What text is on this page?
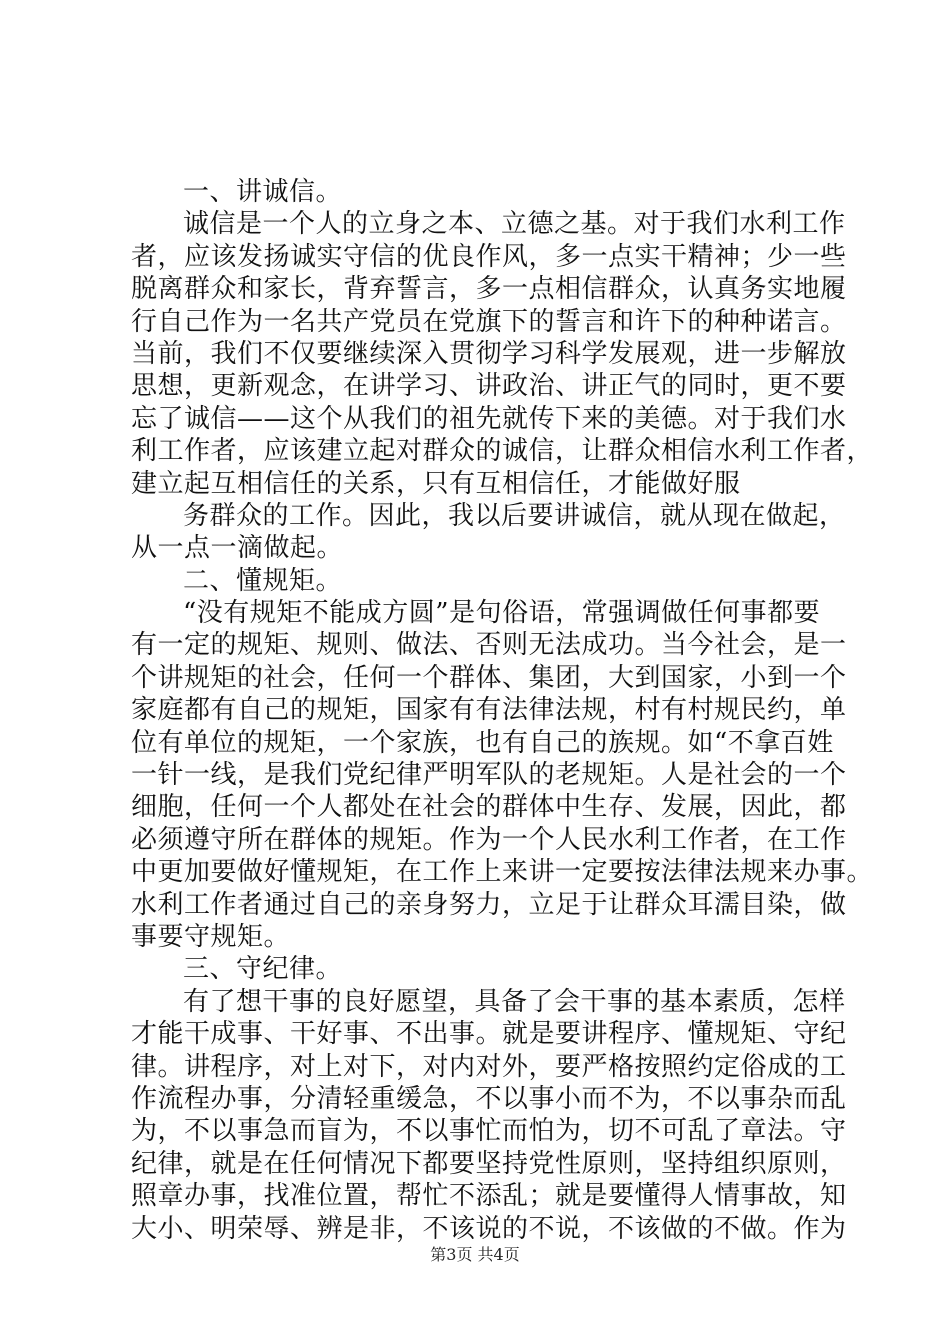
一、讲诚信。
诚信是一个人的立身之本、立德之基。对于我们水利工作
者，应该发扬诚实守信的优良作风，多一点实干精神；少一些
脱离群众和家长，背弃誓言，多一点相信群众，认真务实地履
行自己作为一名共产党员在党旗下的誓言和许下的种种诺言。
当前，我们不仅要继续深入贯彻学习科学发展观，进一步解放
思想，更新观念，在讲学习、讲政治、讲正气的同时，更不要
忘了诚信——这个从我们的祖先就传下来的美德。对于我们水
利工作者，应该建立起对群众的诚信，让群众相信水利工作者，
建立起互相信任的关系，只有互相信任，才能做好服
务群众的工作。因此，我以后要讲诚信，就从现在做起，
从一点一滴做起。
二、懂规矩。
“没有规矩不能成方圆”是句俗语，常强调做任何事都要
有一定的规矩、规则、做法、否则无法成功。当今社会，是一
个讲规矩的社会，任何一个群体、集团，大到国家，小到一个
家庭都有自己的规矩，国家有有法律法规，村有村规民约，单
位有单位的规矩，一个家族，也有自己的族规。如“不拿百姓
一针一线，是我们党纪律严明军队的老规矩。人是社会的一个
细胞，任何一个人都处在社会的群体中生存、发展，因此，都
必须遵守所在群体的规矩。作为一个人民水利工作者，在工作
中更加要做好懂规矩，在工作上来讲一定要按法律法规来办事。
水利工作者通过自己的亲身努力，立足于让群众耳濡目染，做
事要守规矩。
三、守纪律。
有了想干事的良好愿望，具备了会干事的基本素质，怎样
才能干成事、干好事、不出事。就是要讲程序、懂规矩、守纪
律。讲程序，对上对下，对内对外，要严格按照约定俗成的工
作流程办事，分清轻重缓急，不以事小而不为，不以事杂而乱
为，不以事急而盲为，不以事忙而怕为，切不可乱了章法。守
纪律，就是在任何情况下都要坚持党性原则，坚持组织原则，
照章办事，找准位置，帮忙不添乱；就是要懂得人情事故，知
大小、明荣辱、辨是非，不该说的不说，不该做的不做。作为
第3页 共4页
